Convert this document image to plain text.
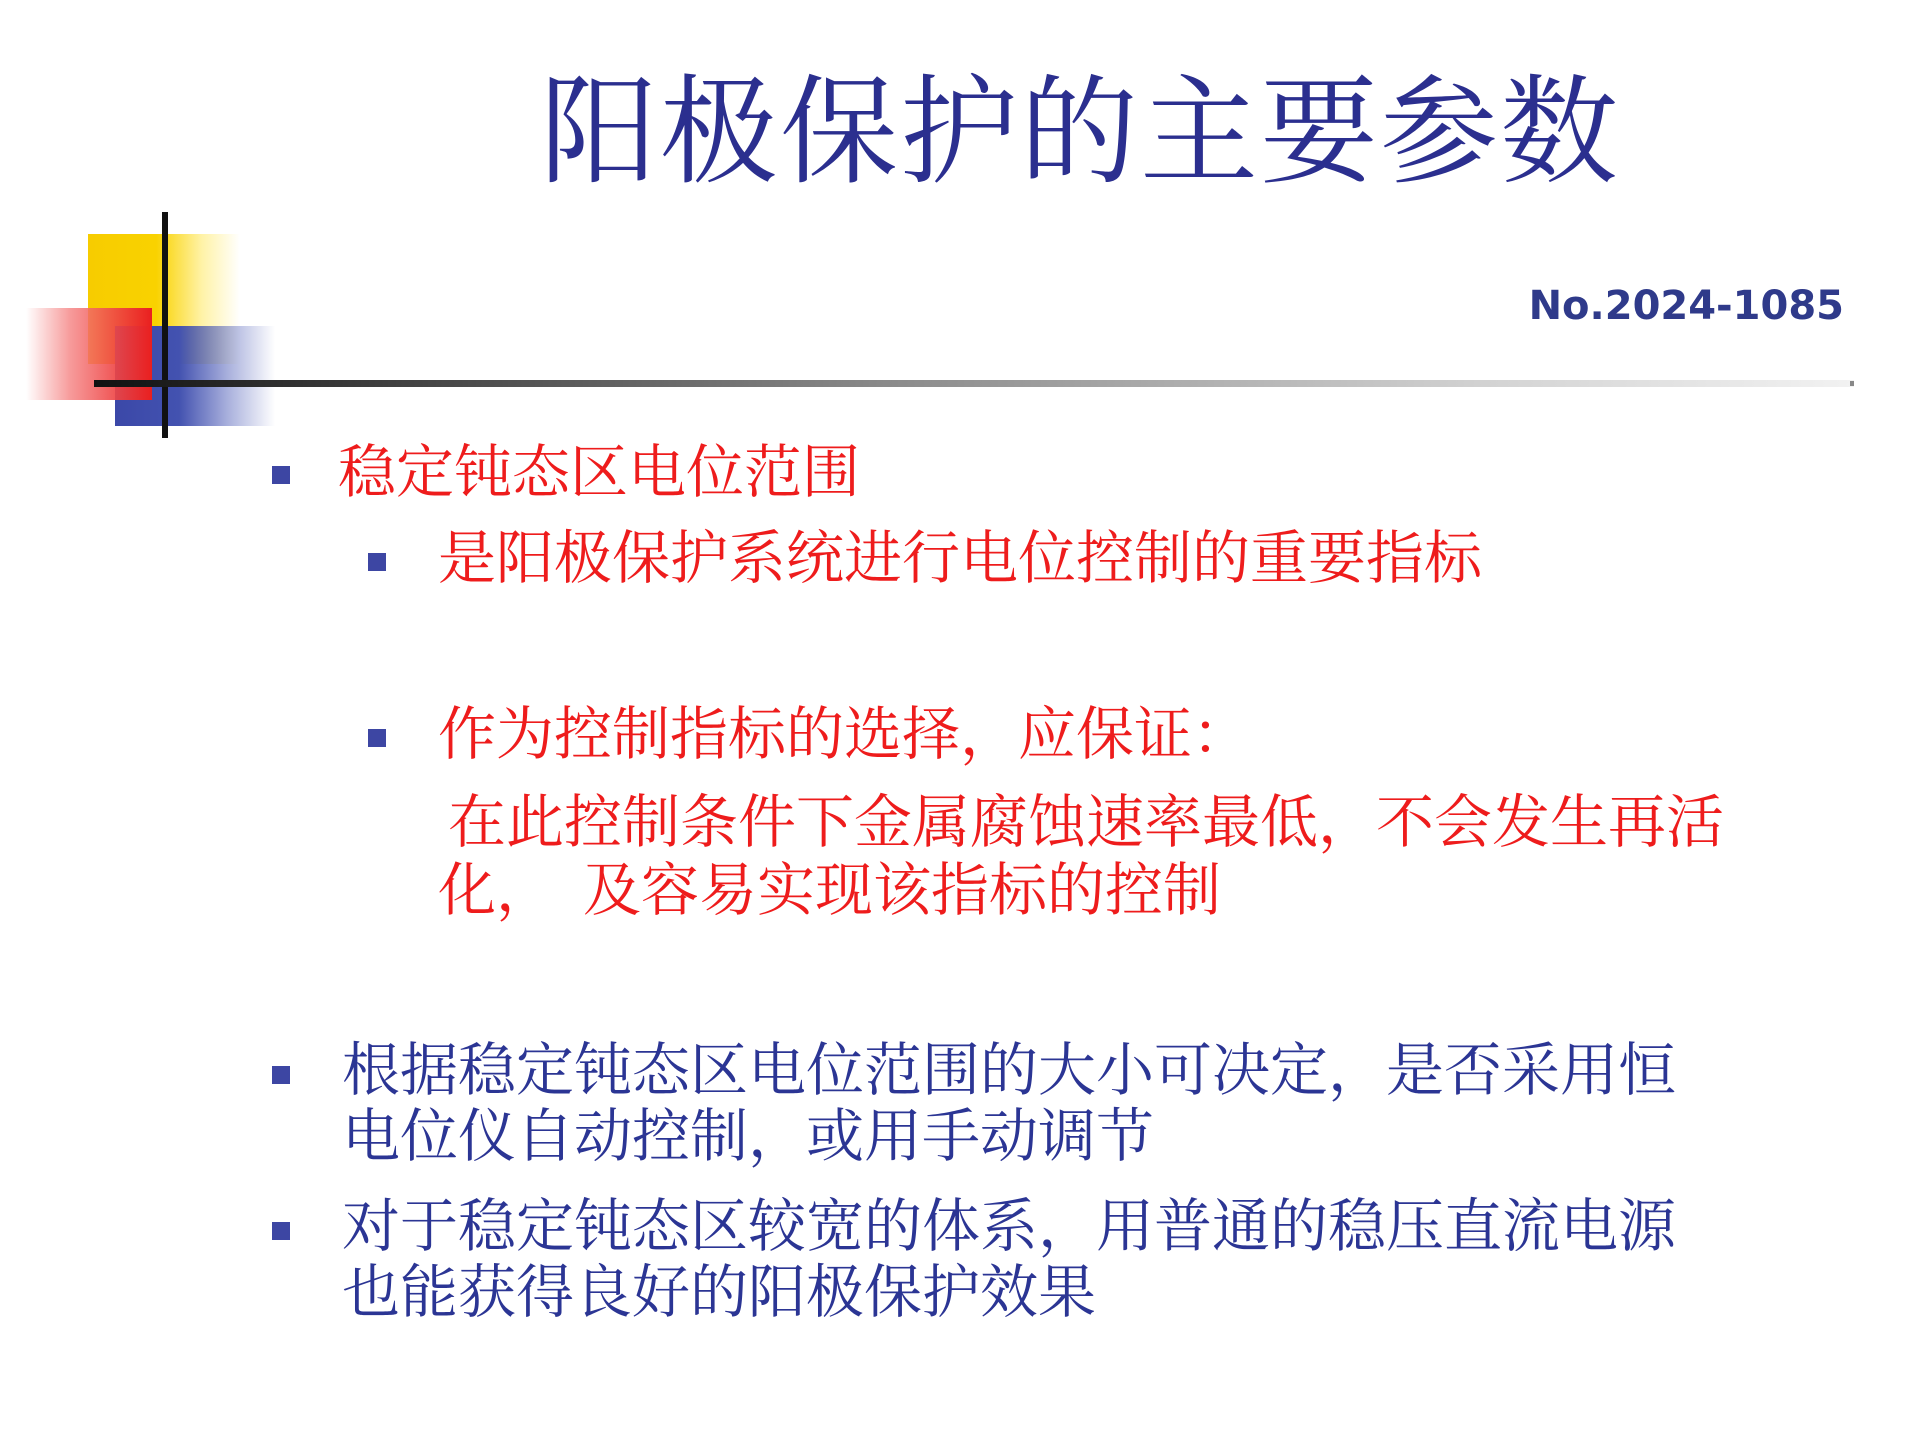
阳极保护的主要参数
No.2024-1085
稳定钝态区电位范围
是阳极保护系统进行电位控制的重要指标
作为控制指标的选择，应保证：
在此控制条件下金属腐蚀速率最低，不会发生再活
化，　及容易实现该指标的控制
根据稳定钝态区电位范围的大小可决定，是否采用恒
电位仪自动控制，或用手动调节
对于稳定钝态区较宽的体系，用普通的稳压直流电源
也能获得良好的阳极保护效果
